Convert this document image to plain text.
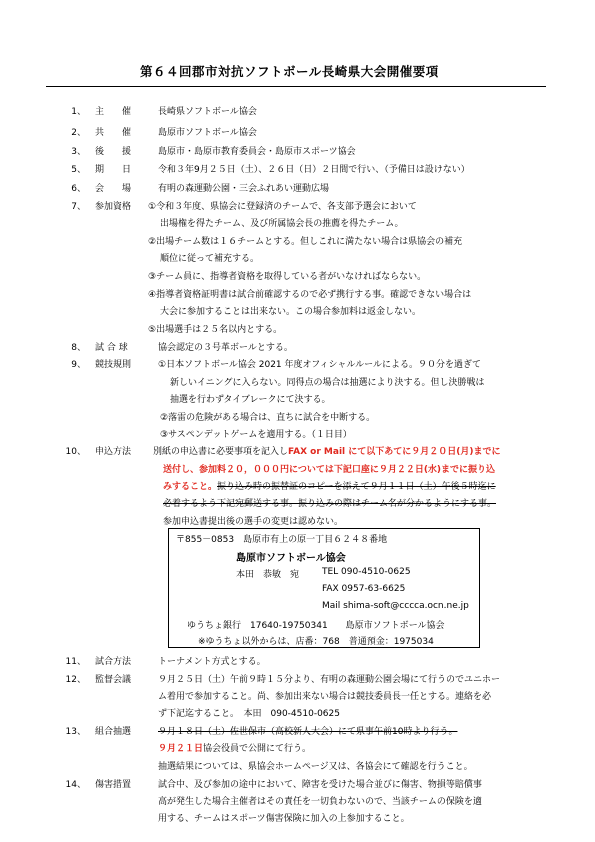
第６４回郡市対抗ソフトボール長崎県大会開催要項
1、 主　　催	長崎県ソフトボール協会
2、 共　　催	島原市ソフトボール協会
3、 後　　援	島原市・島原市教育委員会・島原市スポーツ協会
5、 期　　日	令和３年9月２５日（土）、２６日（日）２日間で行い、（予備日は設けない）
6、 会　　場	有明の森運動公園・三会ふれあい運動広場
7、 参加資格 ①令和３年度、県協会に登録済のチームで、各支部予選会において
出場権を得たチーム、及び所属協会長の推薦を得たチーム。
②出場チーム数は１６チームとする。但しこれに満たない場合は県協会の補充
順位に従って補充する。
③チーム員に、指導者資格を取得している者がいなければならない。
④指導者資格証明書は試合前確認するので必ず携行する事。確認できない場合は
大会に参加することは出来ない。この場合参加料は返金しない。
⑤出場選手は２５名以内とする。
8、 試 合 球	協会認定の３号革ボールとする。
9、 競技規則	①日本ソフトボール協会 2021 年度オフィシャルルールによる。９０分を過ぎて
新しいイニングに入らない。同得点の場合は抽選により決する。但し決勝戦は
抽選を行わずタイブレークにて決する。
②落雷の危険がある場合は、直ちに試合を中断する。
③サスペンデットゲームを適用する。（１日目）
10、 申込方法 別紙の申込書に必要事項を記入しFAX or Mail にて以下あてに９月２０日(月)までに
送付し、参加料２０，０００円については下記口座に９月２２日(水)までに振り込
みすること。振り込み時の振替証のコピーを添えて９月１１日（土）午後５時迄に
必着するよう下記宛郵送する事。振り込みの際はチーム名が分かるようにする事。
参加申込書提出後の選手の変更は認めない。
〒855－0853　島原市有上の原一丁目６２４８番地
島原市ソフトボール協会
本田　恭敏　宛	TEL 090-4510-0625
FAX 0957-63-6625
Mail shima-soft@cccca.ocn.ne.jp
ゆうちょ銀行　17640-19750341　　島原市ソフトボール協会
※ゆうちょ以外からは、店番：768　普通預金：1975034
11、 試合方法	トーナメント方式とする。
12、 監督会議	９月２５日（土）午前９時１５分より、有明の森運動公園会場にて行うのでユニホー
ム着用で参加すること。尚、参加出来ない場合は競技委員長一任とする。連絡を必
ず下記迄すること。　本田　090-4510-0625
13、 組合抽選	９月１８日（土）佐世保市（高校新人大会）にて県事午前10時より行う。
９月２１日協会役員で公開にて行う。
抽選結果については、県協会ホームページ又は、各協会にて確認を行うこと。
14、 傷害措置	試合中、及び参加の途中において、障害を受けた場合並びに傷害、物損等賠償事
高が発生した場合主催者はその責任を一切負わないので、当該チームの保険を適
用する、チームはスポーツ傷害保険に加入の上参加すること。
